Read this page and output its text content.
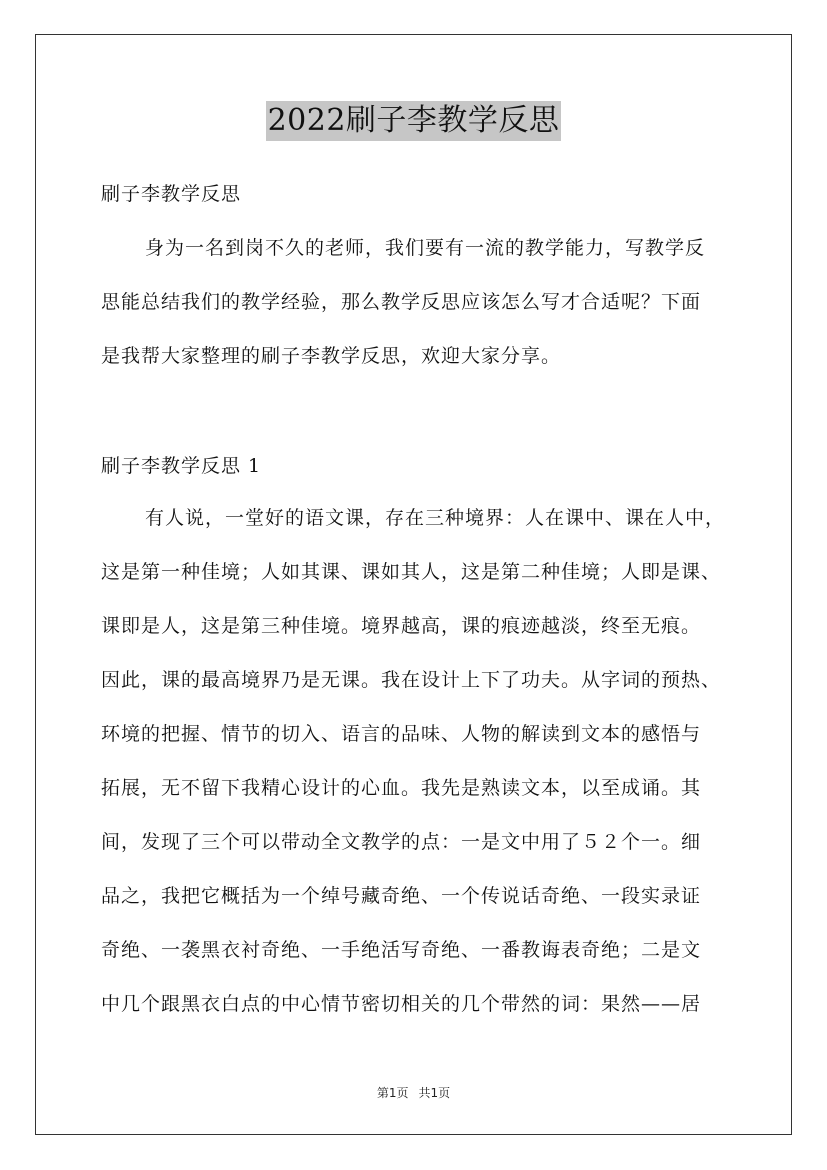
2022刷子李教学反思
刷子李教学反思
身为一名到岗不久的老师，我们要有一流的教学能力，写教学反
思能总结我们的教学经验，那么教学反思应该怎么写才合适呢？下面
是我帮大家整理的刷子李教学反思，欢迎大家分享。
刷子李教学反思 1
有人说，一堂好的语文课，存在三种境界：人在课中、课在人中，
这是第一种佳境；人如其课、课如其人，这是第二种佳境；人即是课、
课即是人，这是第三种佳境。境界越高，课的痕迹越淡，终至无痕。
因此，课的最高境界乃是无课。我在设计上下了功夫。从字词的预热、
环境的把握、情节的切入、语言的品味、人物的解读到文本的感悟与
拓展，无不留下我精心设计的心血。我先是熟读文本，以至成诵。其
间，发现了三个可以带动全文教学的点：一是文中用了５２个一。细
品之，我把它概括为一个绰号藏奇绝、一个传说话奇绝、一段实录证
奇绝、一袭黑衣衬奇绝、一手绝活写奇绝、一番教诲表奇绝；二是文
中几个跟黑衣白点的中心情节密切相关的几个带然的词：果然——居
第1页 共1页
